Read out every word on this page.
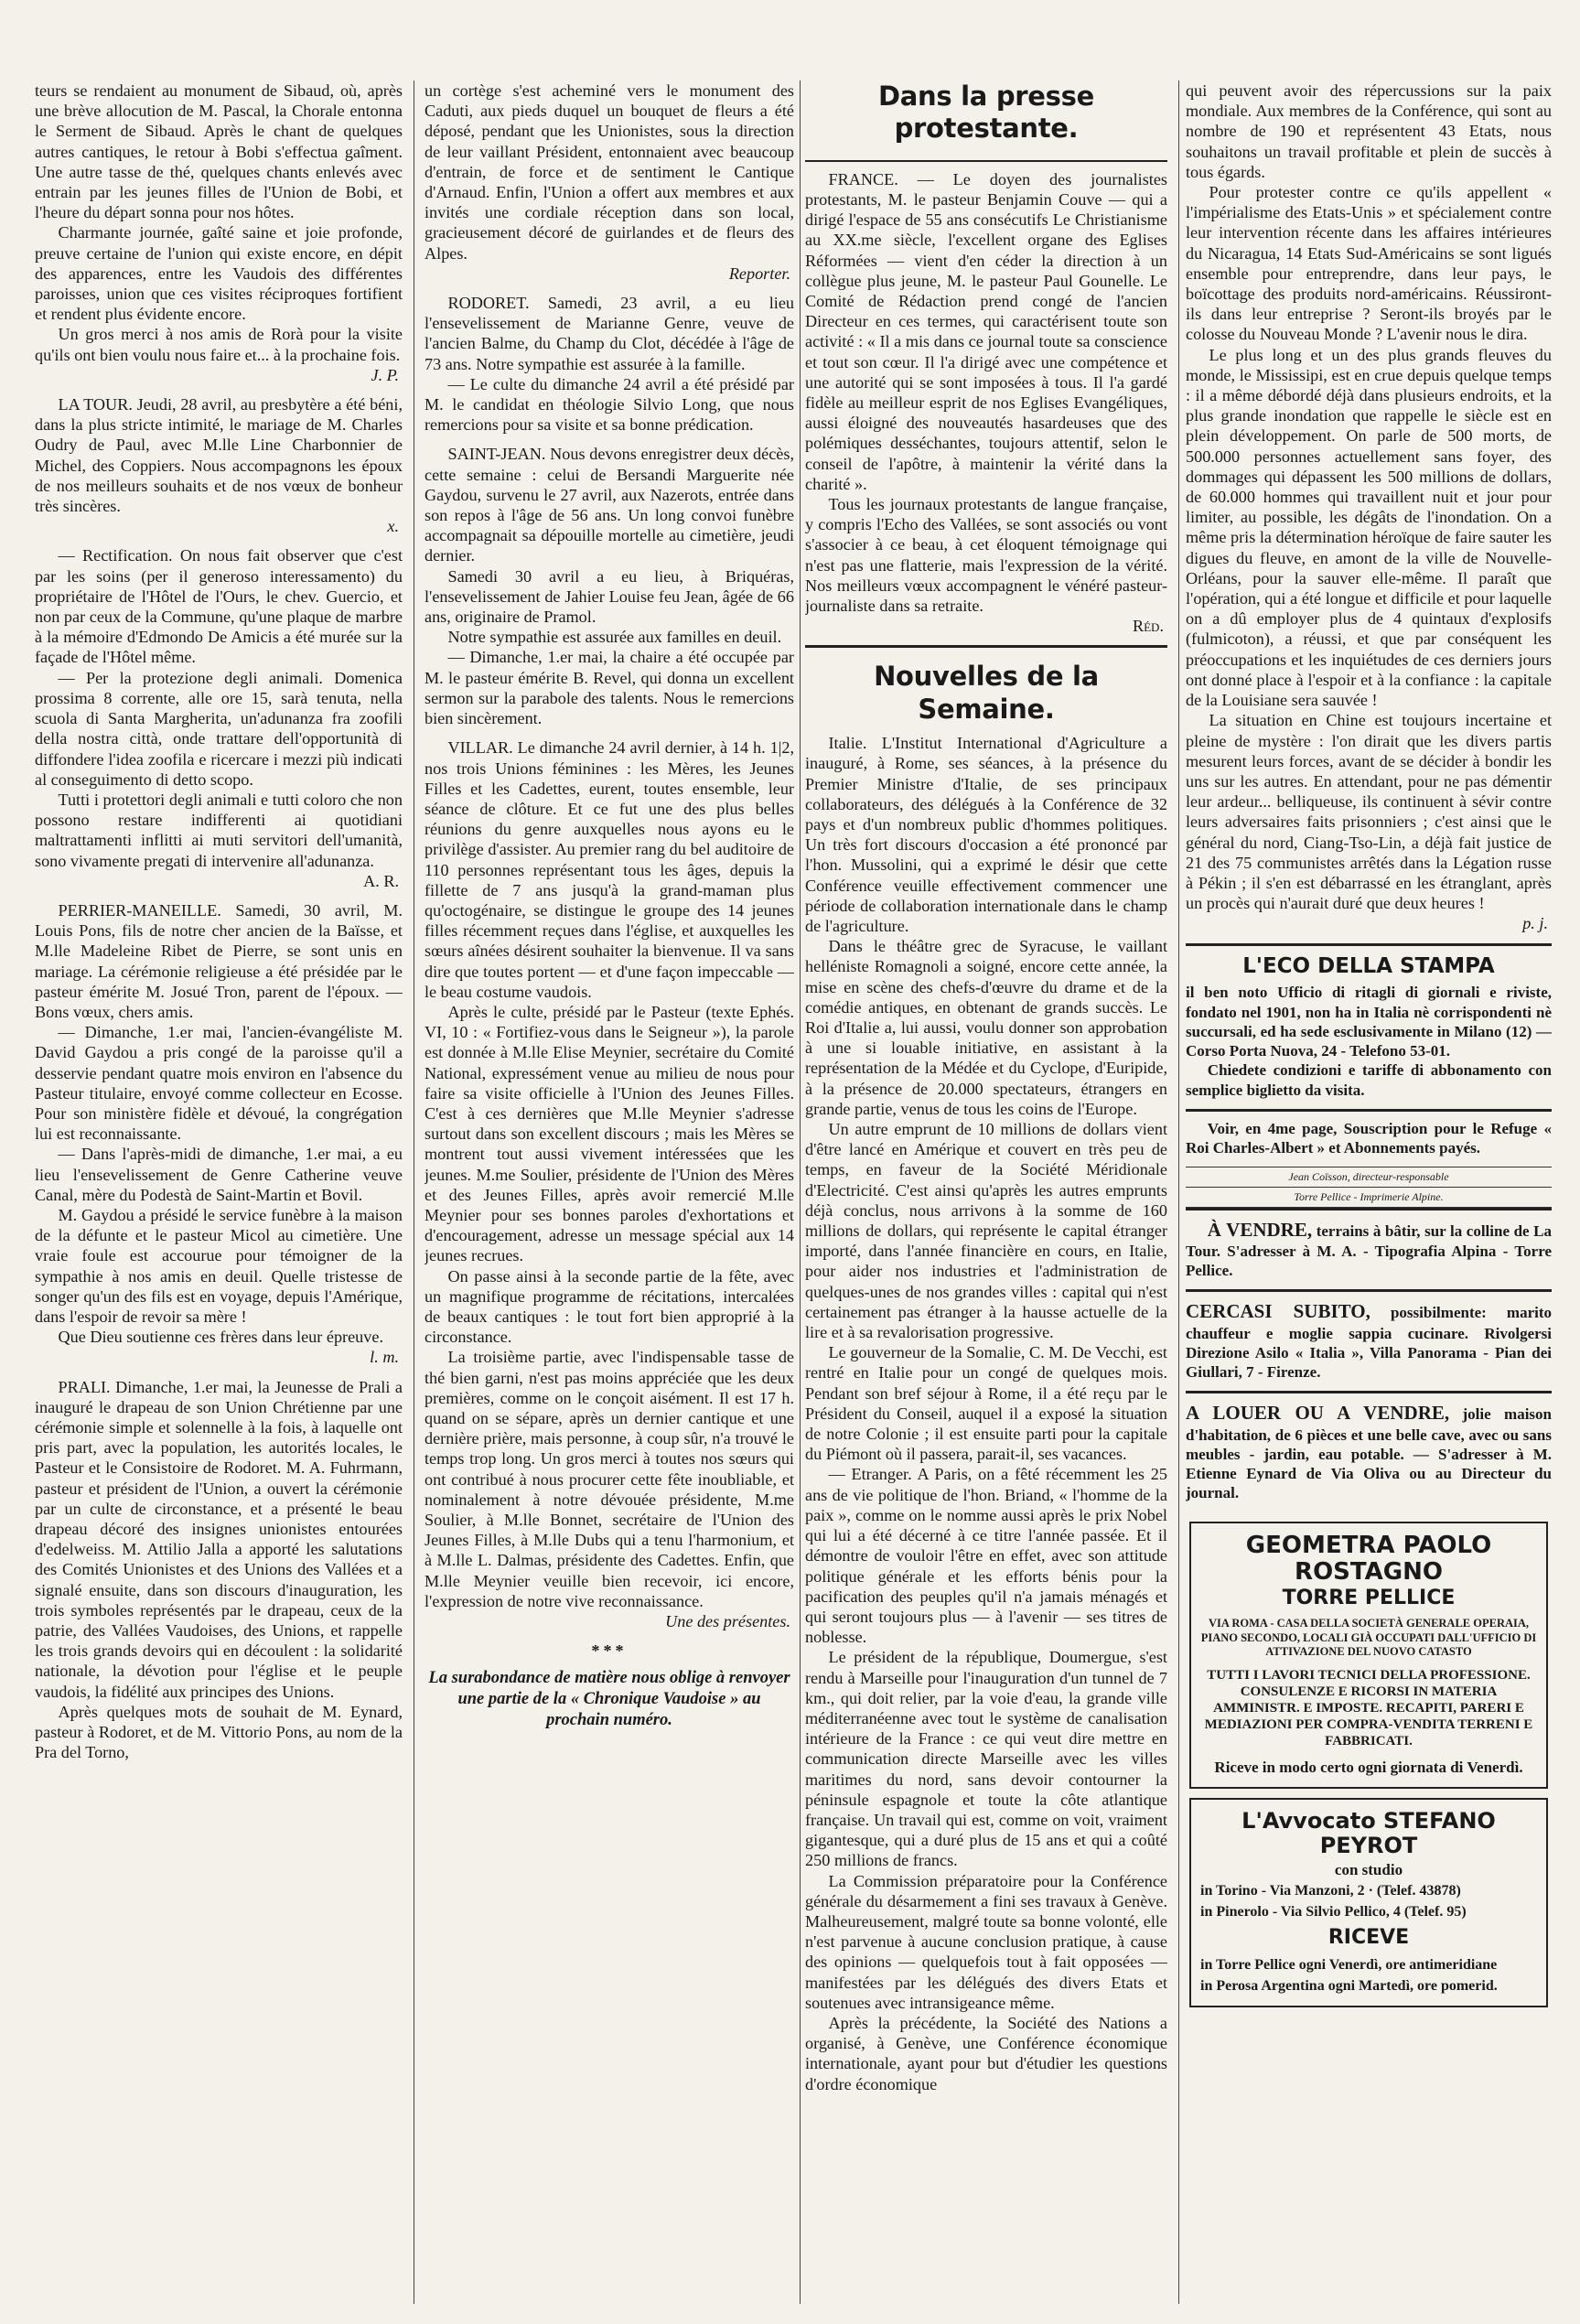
teurs se rendaient au monument de Sibaud, où, après une brève allocution de M. Pascal, la Chorale entonna le Serment de Sibaud. Après le chant de quelques autres cantiques, le retour à Bobi s'effectua gaîment. Une autre tasse de thé, quelques chants enlevés avec entrain par les jeunes filles de l'Union de Bobi, et l'heure du départ sonna pour nos hôtes.

Charmante journée, gaîté saine et joie profonde, preuve certaine de l'union qui existe encore, en dépit des apparences, entre les Vaudois des différentes paroisses, union que ces visites réciproques fortifient et rendent plus évidente encore.

Un gros merci à nos amis de Rorà pour la visite qu'ils ont bien voulu nous faire et... à la prochaine fois.

J. P.

LA TOUR. Jeudi, 28 avril, au presbytère a été béni, dans la plus stricte intimité, le mariage de M. Charles Oudry de Paul, avec M.lle Line Charbonnier de Michel, des Coppiers. Nous accompagnons les époux de nos meilleurs souhaits et de nos vœux de bonheur très sincères.

x.

— Rectification. On nous fait observer que c'est par les soins (per il generoso interessamento) du propriétaire de l'Hôtel de l'Ours, le chev. Guercio, et non par ceux de la Commune, qu'une plaque de marbre à la mémoire d'Edmondo De Amicis a été murée sur la façade de l'Hôtel même.

— Per la protezione degli animali. Domenica prossima 8 corrente, alle ore 15, sarà tenuta, nella scuola di Santa Margherita, un'adunanza fra zoofili della nostra città, onde trattare dell'opportunità di diffondere l'idea zoofila e ricercare i mezzi più indicati al conseguimento di detto scopo.

Tutti i protettori degli animali e tutti coloro che non possono restare indifferenti ai quotidiani maltrattamenti inflitti ai muti servitori dell'umanità, sono vivamente pregati di intervenire all'adunanza.

A. R.

PERRIER-MANEILLE. Samedi, 30 avril, M. Louis Pons, fils de notre cher ancien de la Baïsse, et M.lle Madeleine Ribet de Pierre, se sont unis en mariage. La cérémonie religieuse a été présidée par le pasteur émérite M. Josué Tron, parent de l'époux. — Bons vœux, chers amis.

— Dimanche, 1.er mai, l'ancien-évangéliste M. David Gaydou a pris congé de la paroisse qu'il a desservie pendant quatre mois environ en l'absence du Pasteur titulaire, envoyé comme collecteur en Ecosse. Pour son ministère fidèle et dévoué, la congrégation lui est reconnaissante.

— Dans l'après-midi de dimanche, 1.er mai, a eu lieu l'ensevelissement de Genre Catherine veuve Canal, mère du Podestà de Saint-Martin et Bovil.

M. Gaydou a présidé le service funèbre à la maison de la défunte et le pasteur Micol au cimetière. Une vraie foule est accourue pour témoigner de la sympathie à nos amis en deuil. Quelle tristesse de songer qu'un des fils est en voyage, depuis l'Amérique, dans l'espoir de revoir sa mère !

Que Dieu soutienne ces frères dans leur épreuve.

l. m.

PRALI. Dimanche, 1.er mai, la Jeunesse de Prali a inauguré le drapeau de son Union Chrétienne par une cérémonie simple et solennelle à la fois, à laquelle ont pris part, avec la population, les autorités locales, le Pasteur et le Consistoire de Rodoret. M. A. Fuhrmann, pasteur et président de l'Union, a ouvert la cérémonie par un culte de circonstance, et a présenté le beau drapeau décoré des insignes unionistes entourées d'edelweiss. M. Attilio Jalla a apporté les salutations des Comités Unionistes et des Unions des Vallées et a signalé ensuite, dans son discours d'inauguration, les trois symboles représentés par le drapeau, ceux de la patrie, des Vallées Vaudoises, des Unions, et rappelle les trois grands devoirs qui en découlent : la solidarité nationale, la dévotion pour l'église et le peuple vaudois, la fidélité aux principes des Unions.

Après quelques mots de souhait de M. Eynard, pasteur à Rodoret, et de M. Vittorio Pons, au nom de la Pra del Torno,

un cortège s'est acheminé vers le monument des Caduti, aux pieds duquel un bouquet de fleurs a été déposé, pendant que les Unionistes, sous la direction de leur vaillant Président, entonnaient avec beaucoup d'entrain, de force et de sentiment le Cantique d'Arnaud. Enfin, l'Union a offert aux membres et aux invités une cordiale réception dans son local, gracieusement décoré de guirlandes et de fleurs des Alpes.

Reporter.

RODORET. Samedi, 23 avril, a eu lieu l'ensevelissement de Marianne Genre, veuve de l'ancien Balme, du Champ du Clot, décédée à l'âge de 73 ans. Notre sympathie est assurée à la famille.

— Le culte du dimanche 24 avril a été présidé par M. le candidat en théologie Silvio Long, que nous remercions pour sa visite et sa bonne prédication.

SAINT-JEAN. Nous devons enregistrer deux décès, cette semaine : celui de Bersandi Marguerite née Gaydou, survenu le 27 avril, aux Nazerots, entrée dans son repos à l'âge de 56 ans. Un long convoi funèbre accompagnait sa dépouille mortelle au cimetière, jeudi dernier.

Samedi 30 avril a eu lieu, à Briquéras, l'ensevelissement de Jahier Louise feu Jean, âgée de 66 ans, originaire de Pramol.

Notre sympathie est assurée aux familles en deuil.

— Dimanche, 1.er mai, la chaire a été occupée par M. le pasteur émérite B. Revel, qui donna un excellent sermon sur la parabole des talents. Nous le remercions bien sincèrement.

VILLAR. Le dimanche 24 avril dernier, à 14 h. 1|2, nos trois Unions féminines : les Mères, les Jeunes Filles et les Cadettes, eurent, toutes ensemble, leur séance de clôture. Et ce fut une des plus belles réunions du genre auxquelles nous ayons eu le privilège d'assister. Au premier rang du bel auditoire de 110 personnes représentant tous les âges, depuis la fillette de 7 ans jusqu'à la grand-maman plus qu'octogénaire, se distingue le groupe des 14 jeunes filles récemment reçues dans l'église, et auxquelles les sœurs aînées désirent souhaiter la bienvenue. Il va sans dire que toutes portent — et d'une façon impeccable — le beau costume vaudois.

Après le culte, présidé par le Pasteur (texte Ephés. VI, 10 : « Fortifiez-vous dans le Seigneur »), la parole est donnée à M.lle Elise Meynier, secrétaire du Comité National, expressément venue au milieu de nous pour faire sa visite officielle à l'Union des Jeunes Filles. C'est à ces dernières que M.lle Meynier s'adresse surtout dans son excellent discours ; mais les Mères se montrent tout aussi vivement intéressées que les jeunes. M.me Soulier, présidente de l'Union des Mères et des Jeunes Filles, après avoir remercié M.lle Meynier pour ses bonnes paroles d'exhortations et d'encouragement, adresse un message spécial aux 14 jeunes recrues.

On passe ainsi à la seconde partie de la fête, avec un magnifique programme de récitations, intercalées de beaux cantiques : le tout fort bien approprié à la circonstance.

La troisième partie, avec l'indispensable tasse de thé bien garni, n'est pas moins appréciée que les deux premières, comme on le conçoit aisément. Il est 17 h. quand on se sépare, après un dernier cantique et une dernière prière, mais personne, à coup sûr, n'a trouvé le temps trop long. Un gros merci à toutes nos sœurs qui ont contribué à nous procurer cette fête inoubliable, et nominalement à notre dévouée présidente, M.me Soulier, à M.lle Bonnet, secrétaire de l'Union des Jeunes Filles, à M.lle Dubs qui a tenu l'harmonium, et à M.lle L. Dalmas, présidente des Cadettes. Enfin, que M.lle Meynier veuille bien recevoir, ici encore, l'expression de notre vive reconnaissance.

Une des présentes.
***
La surabondance de matière nous oblige à renvoyer une partie de la « Chronique Vaudoise » au prochain numéro.
Dans la presse protestante.

FRANCE. — Le doyen des journalistes protestants, M. le pasteur Benjamin Couve — qui a dirigé l'espace de 55 ans consécutifs Le Christianisme au XX.me siècle, l'excellent organe des Eglises Réformées — vient d'en céder la direction à un collègue plus jeune, M. le pasteur Paul Gounelle. Le Comité de Rédaction prend congé de l'ancien Directeur en ces termes, qui caractérisent toute son activité : « Il a mis dans ce journal toute sa conscience et tout son cœur. Il l'a dirigé avec une compétence et une autorité qui se sont imposées à tous. Il l'a gardé fidèle au meilleur esprit de nos Eglises Evangéliques, aussi éloigné des nouveautés hasardeuses que des polémiques desséchantes, toujours attentif, selon le conseil de l'apôtre, à maintenir la vérité dans la charité ».

Tous les journaux protestants de langue française, y compris l'Echo des Vallées, se sont associés ou vont s'associer à ce beau, à cet éloquent témoignage qui n'est pas une flatterie, mais l'expression de la vérité. Nos meilleurs vœux accompagnent le vénéré pasteur-journaliste dans sa retraite.

Réd.
Nouvelles de la Semaine.

Italie. L'Institut International d'Agriculture a inauguré, à Rome, ses séances, à la présence du Premier Ministre d'Italie, de ses principaux collaborateurs, des délégués à la Conférence de 32 pays et d'un nombreux public d'hommes politiques. Un très fort discours d'occasion a été prononcé par l'hon. Mussolini, qui a exprimé le désir que cette Conférence veuille effectivement commencer une période de collaboration internationale dans le champ de l'agriculture.

Dans le théâtre grec de Syracuse, le vaillant helléniste Romagnoli a soigné, encore cette année, la mise en scène des chefs-d'œuvre du drame et de la comédie antiques, en obtenant de grands succès. Le Roi d'Italie a, lui aussi, voulu donner son approbation à une si louable initiative, en assistant à la représentation de la Médée et du Cyclope, d'Euripide, à la présence de 20.000 spectateurs, étrangers en grande partie, venus de tous les coins de l'Europe.

Un autre emprunt de 10 millions de dollars vient d'être lancé en Amérique et couvert en très peu de temps, en faveur de la Société Méridionale d'Electricité. C'est ainsi qu'après les autres emprunts déjà conclus, nous arrivons à la somme de 160 millions de dollars, qui représente le capital étranger importé, dans l'année financière en cours, en Italie, pour aider nos industries et l'administration de quelques-unes de nos grandes villes : capital qui n'est certainement pas étranger à la hausse actuelle de la lire et à sa revalorisation progressive.

Le gouverneur de la Somalie, C. M. De Vecchi, est rentré en Italie pour un congé de quelques mois. Pendant son bref séjour à Rome, il a été reçu par le Président du Conseil, auquel il a exposé la situation de notre Colonie ; il est ensuite parti pour la capitale du Piémont où il passera, parait-il, ses vacances.

— Etranger. A Paris, on a fêté récemment les 25 ans de vie politique de l'hon. Briand, « l'homme de la paix », comme on le nomme aussi après le prix Nobel qui lui a été décerné à ce titre l'année passée. Et il démontre de vouloir l'être en effet, avec son attitude politique générale et les efforts bénis pour la pacification des peuples qu'il n'a jamais ménagés et qui seront toujours plus — à l'avenir — ses titres de noblesse.

Le président de la république, Doumergue, s'est rendu à Marseille pour l'inauguration d'un tunnel de 7 km., qui doit relier, par la voie d'eau, la grande ville méditerranéenne avec tout le système de canalisation intérieure de la France : ce qui veut dire mettre en communication directe Marseille avec les villes maritimes du nord, sans devoir contourner la péninsule espagnole et toute la côte atlantique française. Un travail qui est, comme on voit, vraiment gigantesque, qui a duré plus de 15 ans et qui a coûté 250 millions de francs.

La Commission préparatoire pour la Conférence générale du désarmement a fini ses travaux à Genève. Malheureusement, malgré toute sa bonne volonté, elle n'est parvenue à aucune conclusion pratique, à cause des opinions — quelquefois tout à fait opposées — manifestées par les délégués des divers Etats et soutenues avec intransigeance même.

Après la précédente, la Société des Nations a organisé, à Genève, une Conférence économique internationale, ayant pour but d'étudier les questions d'ordre économique

qui peuvent avoir des répercussions sur la paix mondiale. Aux membres de la Conférence, qui sont au nombre de 190 et représentent 43 Etats, nous souhaitons un travail profitable et plein de succès à tous égards.

Pour protester contre ce qu'ils appellent « l'impérialisme des Etats-Unis » et spécialement contre leur intervention récente dans les affaires intérieures du Nicaragua, 14 Etats Sud-Américains se sont ligués ensemble pour entreprendre, dans leur pays, le boïcottage des produits nord-américains. Réussiront-ils dans leur entreprise ? Seront-ils broyés par le colosse du Nouveau Monde ? L'avenir nous le dira.

Le plus long et un des plus grands fleuves du monde, le Mississipi, est en crue depuis quelque temps : il a même débordé déjà dans plusieurs endroits, et la plus grande inondation que rappelle le siècle est en plein développement. On parle de 500 morts, de 500.000 personnes actuellement sans foyer, des dommages qui dépassent les 500 millions de dollars, de 60.000 hommes qui travaillent nuit et jour pour limiter, au possible, les dégâts de l'inondation. On a même pris la détermination héroïque de faire sauter les digues du fleuve, en amont de la ville de Nouvelle-Orléans, pour la sauver elle-même. Il paraît que l'opération, qui a été longue et difficile et pour laquelle on a dû employer plus de 4 quintaux d'explosifs (fulmicoton), a réussi, et que par conséquent les préoccupations et les inquiétudes de ces derniers jours ont donné place à l'espoir et à la confiance : la capitale de la Louisiane sera sauvée !

La situation en Chine est toujours incertaine et pleine de mystère : l'on dirait que les divers partis mesurent leurs forces, avant de se décider à bondir les uns sur les autres. En attendant, pour ne pas démentir leur ardeur... belliqueuse, ils continuent à sévir contre leurs adversaires faits prisonniers ; c'est ainsi que le général du nord, Ciang-Tso-Lin, a déjà fait justice de 21 des 75 communistes arrêtés dans la Légation russe à Pékin ; il s'en est débarrassé en les étranglant, après un procès qui n'aurait duré que deux heures !

p. j.
L'ECO DELLA STAMPA
il ben noto Ufficio di ritagli di giornali e riviste, fondato nel 1901, non ha in Italia nè corrispondenti nè succursali, ed ha sede esclusivamente in Milano (12) — Corso Porta Nuova, 24 - Telefono 53-01.
Chiedete condizioni e tariffe di abbonamento con semplice biglietto da visita.
Voir, en 4me page, Souscription pour le Refuge « Roi Charles-Albert » et Abonnements payés.
Jean Coïsson, directeur-responsable
Torre Pellice - Imprimerie Alpine.
À VENDRE, terrains à bâtir, sur la colline de La Tour. S'adresser à M. A. - Tipografia Alpina - Torre Pellice.
CERCASI SUBITO, possibilmente: marito chauffeur e moglie sappia cucinare. Rivolgersi Direzione Asilo « Italia », Villa Panorama - Pian dei Giullari, 7 - Firenze.
A LOUER OU A VENDRE, jolie maison d'habitation, de 6 pièces et une belle cave, avec ou sans meubles - jardin, eau potable. — S'adresser à M. Etienne Eynard de Via Oliva ou au Directeur du journal.
GEOMETRA PAOLO ROSTAGNO
TORRE PELLICE
VIA ROMA - CASA DELLA SOCIETÀ GENERALE OPERAIA, PIANO SECONDO, LOCALI GIÀ OCCUPATI DALL'UFFICIO DI ATTIVAZIONE DEL NUOVO CATASTO
TUTTI I LAVORI TECNICI DELLA PROFESSIONE. CONSULENZE E RICORSI IN MATERIA AMMINISTR. E IMPOSTE. RECAPITI, PARERI E MEDIAZIONI PER COMPRA-VENDITA TERRENI E FABBRICATI.
Riceve in modo certo ogni giornata di Venerdì.
L'Avvocato STEFANO PEYROT
con studio
in Torino - Via Manzoni, 2 · (Telef. 43878)
in Pinerolo - Via Silvio Pellico, 4 (Telef. 95)
RICEVE
in Torre Pellice ogni Venerdì, ore antimeridiane
in Perosa Argentina ogni Martedì, ore pomerid.
